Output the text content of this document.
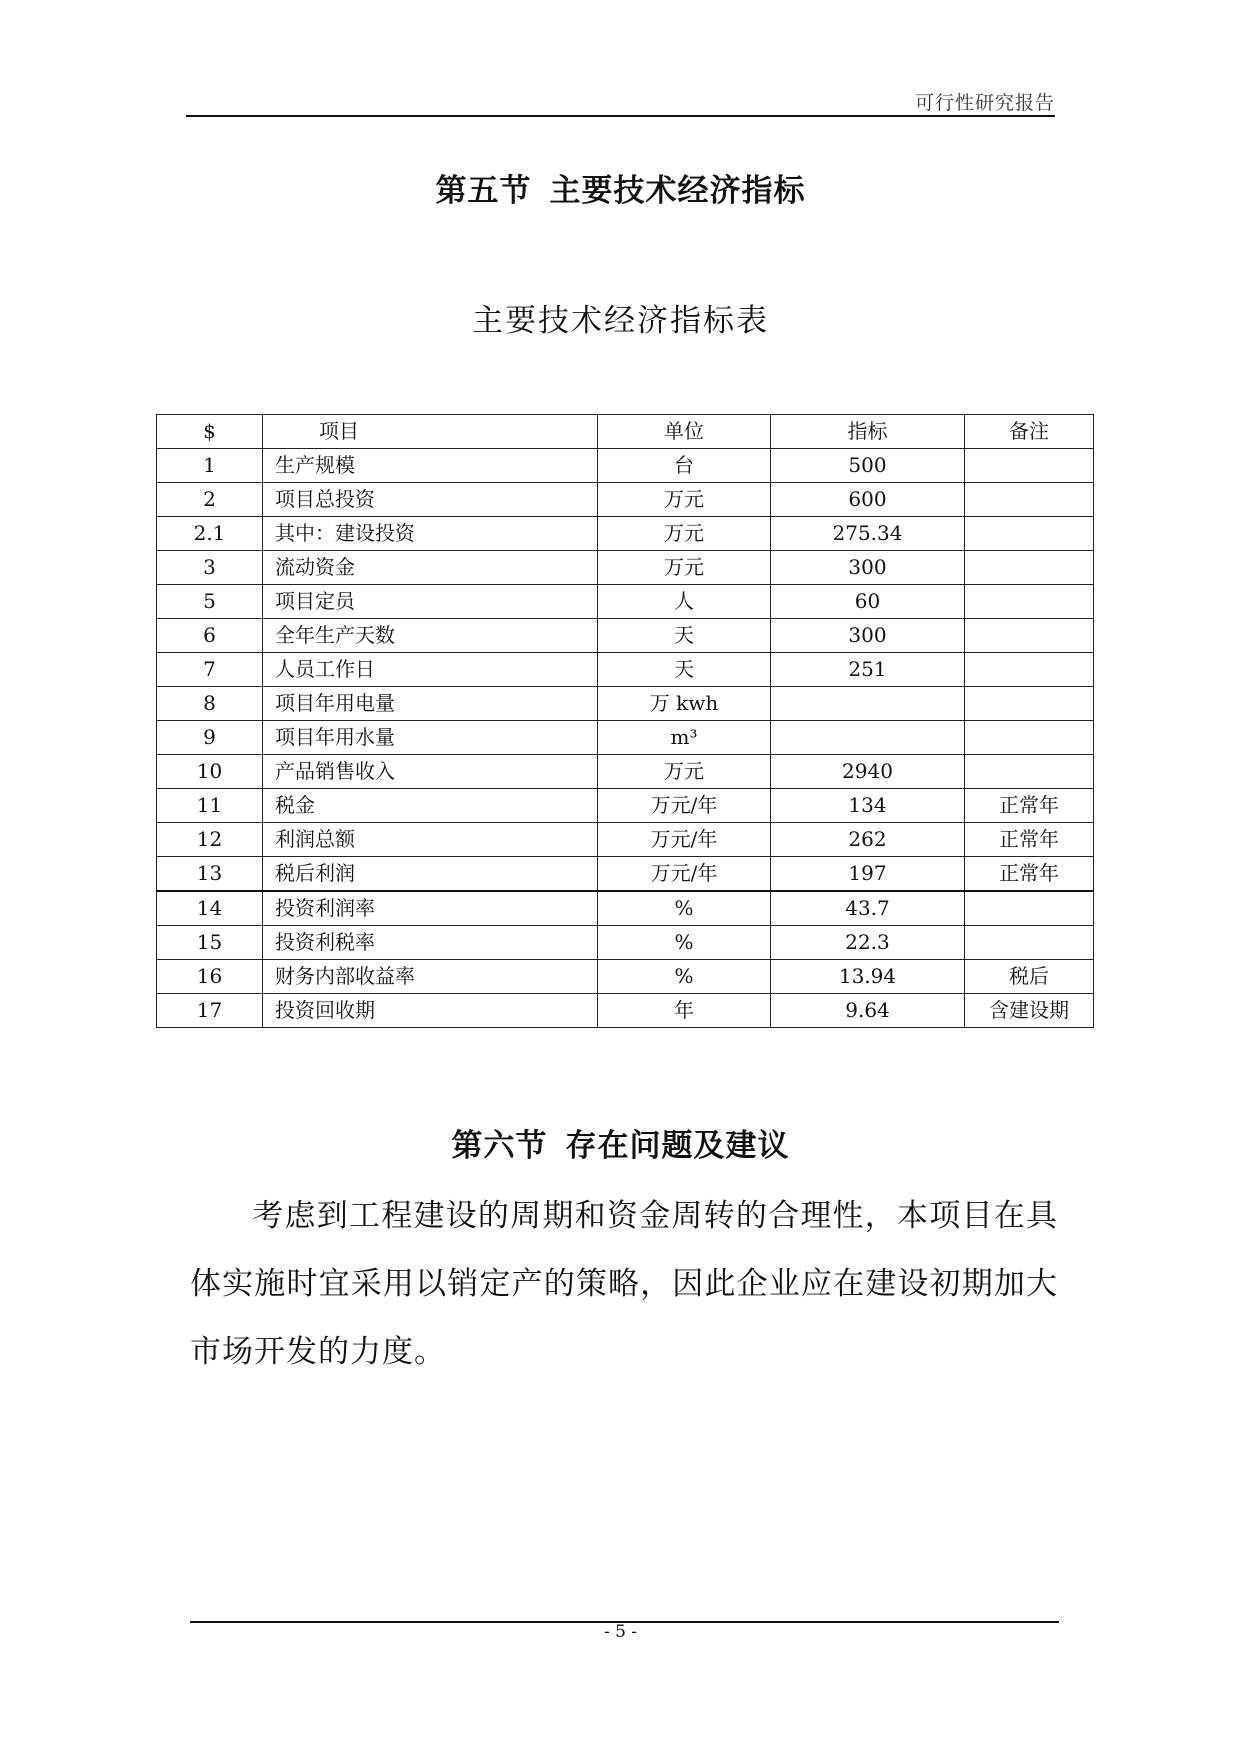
可行性研究报告
第五节 主要技术经济指标
主要技术经济指标表
$	项目	单位	指标	备注
1	生产规模	台	500	
2	项目总投资	万元	600	
2.1	其中：建设投资	万元	275.34	
3	流动资金	万元	300	
5	项目定员	人	60	
6	全年生产天数	天	300	
7	人员工作日	天	251	
8	项目年用电量	万 kwh		
9	项目年用水量	m³		
10	产品销售收入	万元	2940	
11	税金	万元/年	134	正常年
12	利润总额	万元/年	262	正常年
13	税后利润	万元/年	197	正常年
14	投资利润率	%	43.7	
15	投资利税率	%	22.3	
16	财务内部收益率	%	13.94	税后
17	投资回收期	年	9.64	含建设期
第六节 存在问题及建议
考虑到工程建设的周期和资金周转的合理性，本项目在具体实施时宜采用以销定产的策略，因此企业应在建设初期加大市场开发的力度。
- 5 -
